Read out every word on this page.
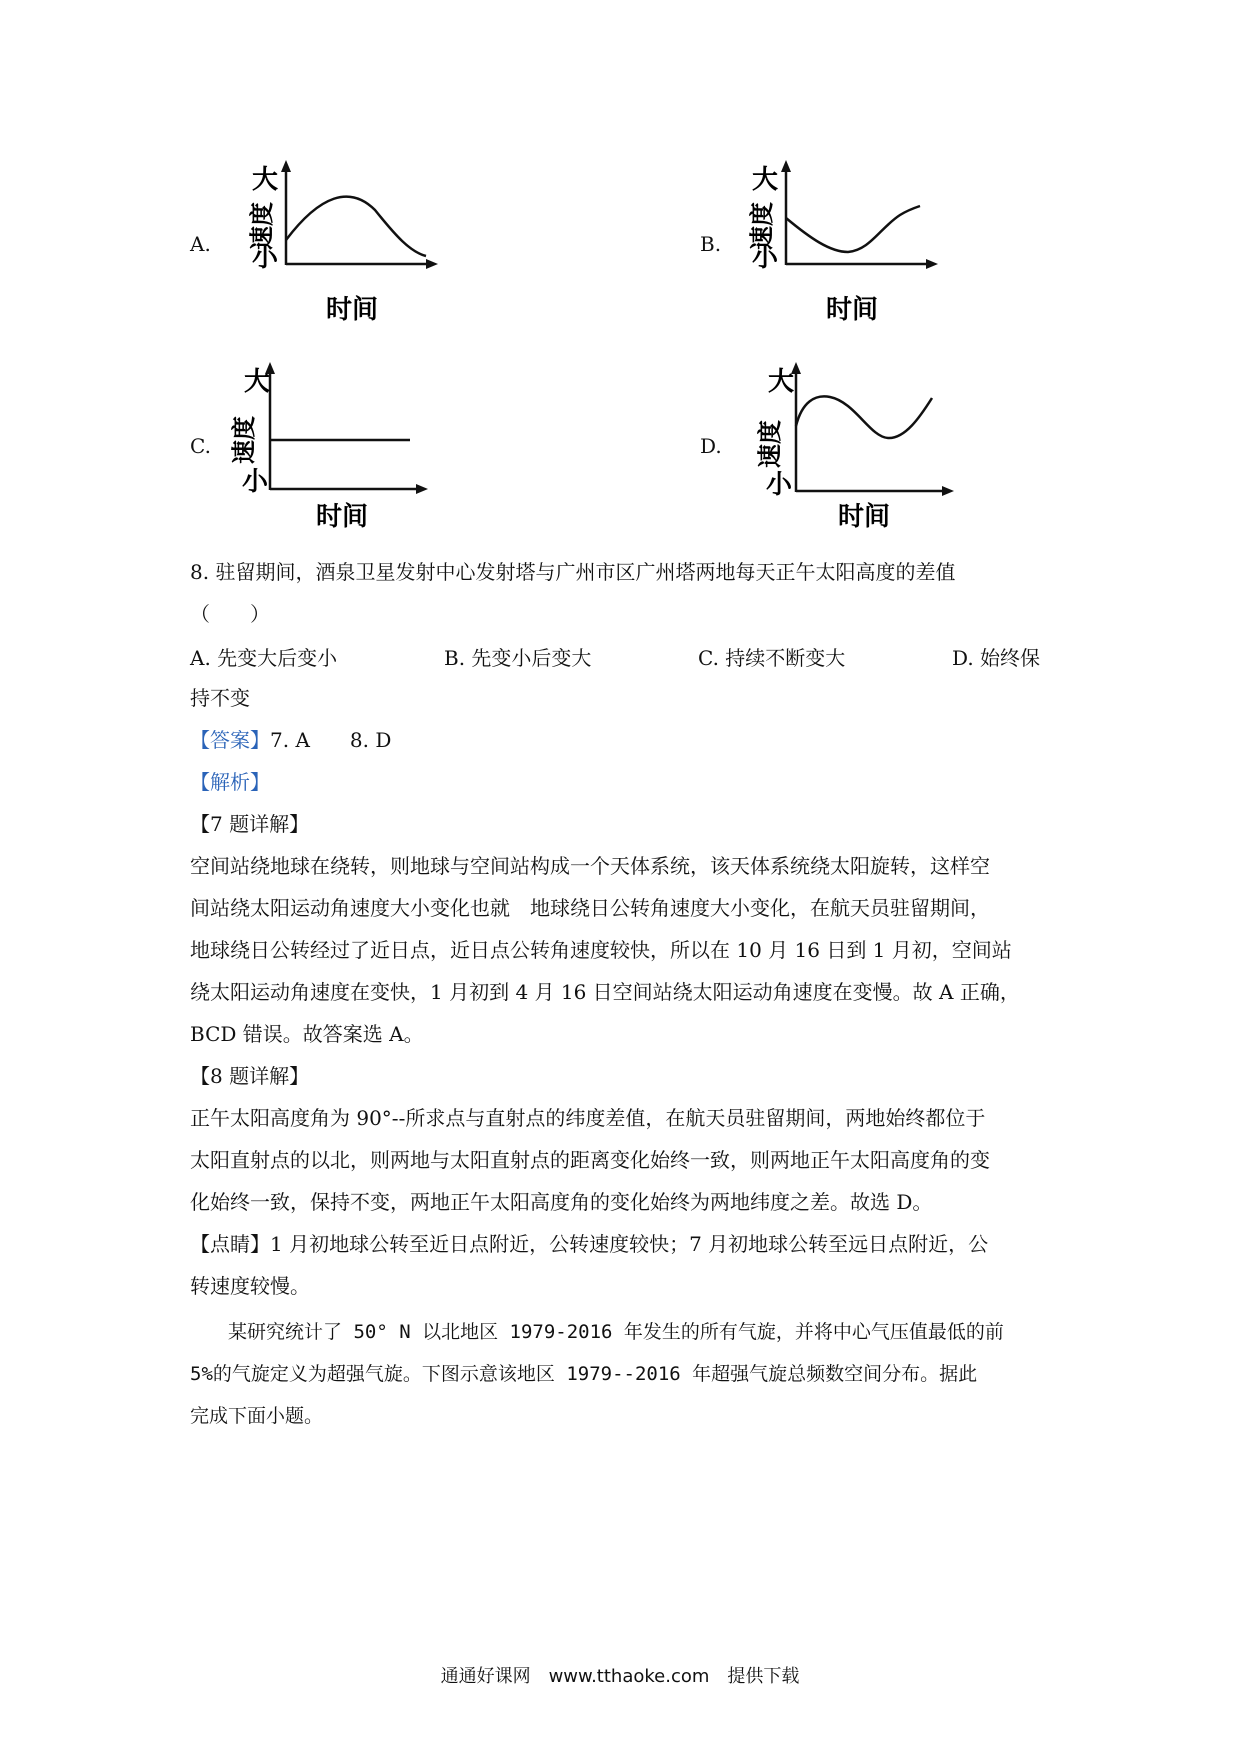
A.
大
速度
小
时间
B.
大
速度
小
时间
C.
大
速度
小
时间
D.
大
速度
小
时间
8. 驻留期间，酒泉卫星发射中心发射塔与广州市区广州塔两地每天正午太阳高度的差值
（　　）
A. 先变大后变小	B. 先变小后变大	C. 持续不断变大	D. 始终保
持不变
【答案】7. A　　8. D
【解析】
【7 题详解】
空间站绕地球在绕转，则地球与空间站构成一个天体系统，该天体系统绕太阳旋转，这样空
间站绕太阳运动角速度大小变化也就　地球绕日公转角速度大小变化，在航天员驻留期间，
地球绕日公转经过了近日点，近日点公转角速度较快，所以在 10 月 16 日到 1 月初，空间站
绕太阳运动角速度在变快，1 月初到 4 月 16 日空间站绕太阳运动角速度在变慢。故 A 正确，
BCD 错误。故答案选 A。
【8 题详解】
正午太阳高度角为 90°--所求点与直射点的纬度差值，在航天员驻留期间，两地始终都位于
太阳直射点的以北，则两地与太阳直射点的距离变化始终一致，则两地正午太阳高度角的变
化始终一致，保持不变，两地正午太阳高度角的变化始终为两地纬度之差。故选 D。
【点睛】1 月初地球公转至近日点附近，公转速度较快；7 月初地球公转至远日点附近，公
转速度较慢。
　　某研究统计了 50° N 以北地区 1979-2016 年发生的所有气旋，并将中心气压值最低的前
5%的气旋定义为超强气旋。下图示意该地区 1979--2016 年超强气旋总频数空间分布。据此
完成下面小题。
通通好课网　www.tthaoke.com　提供下载
